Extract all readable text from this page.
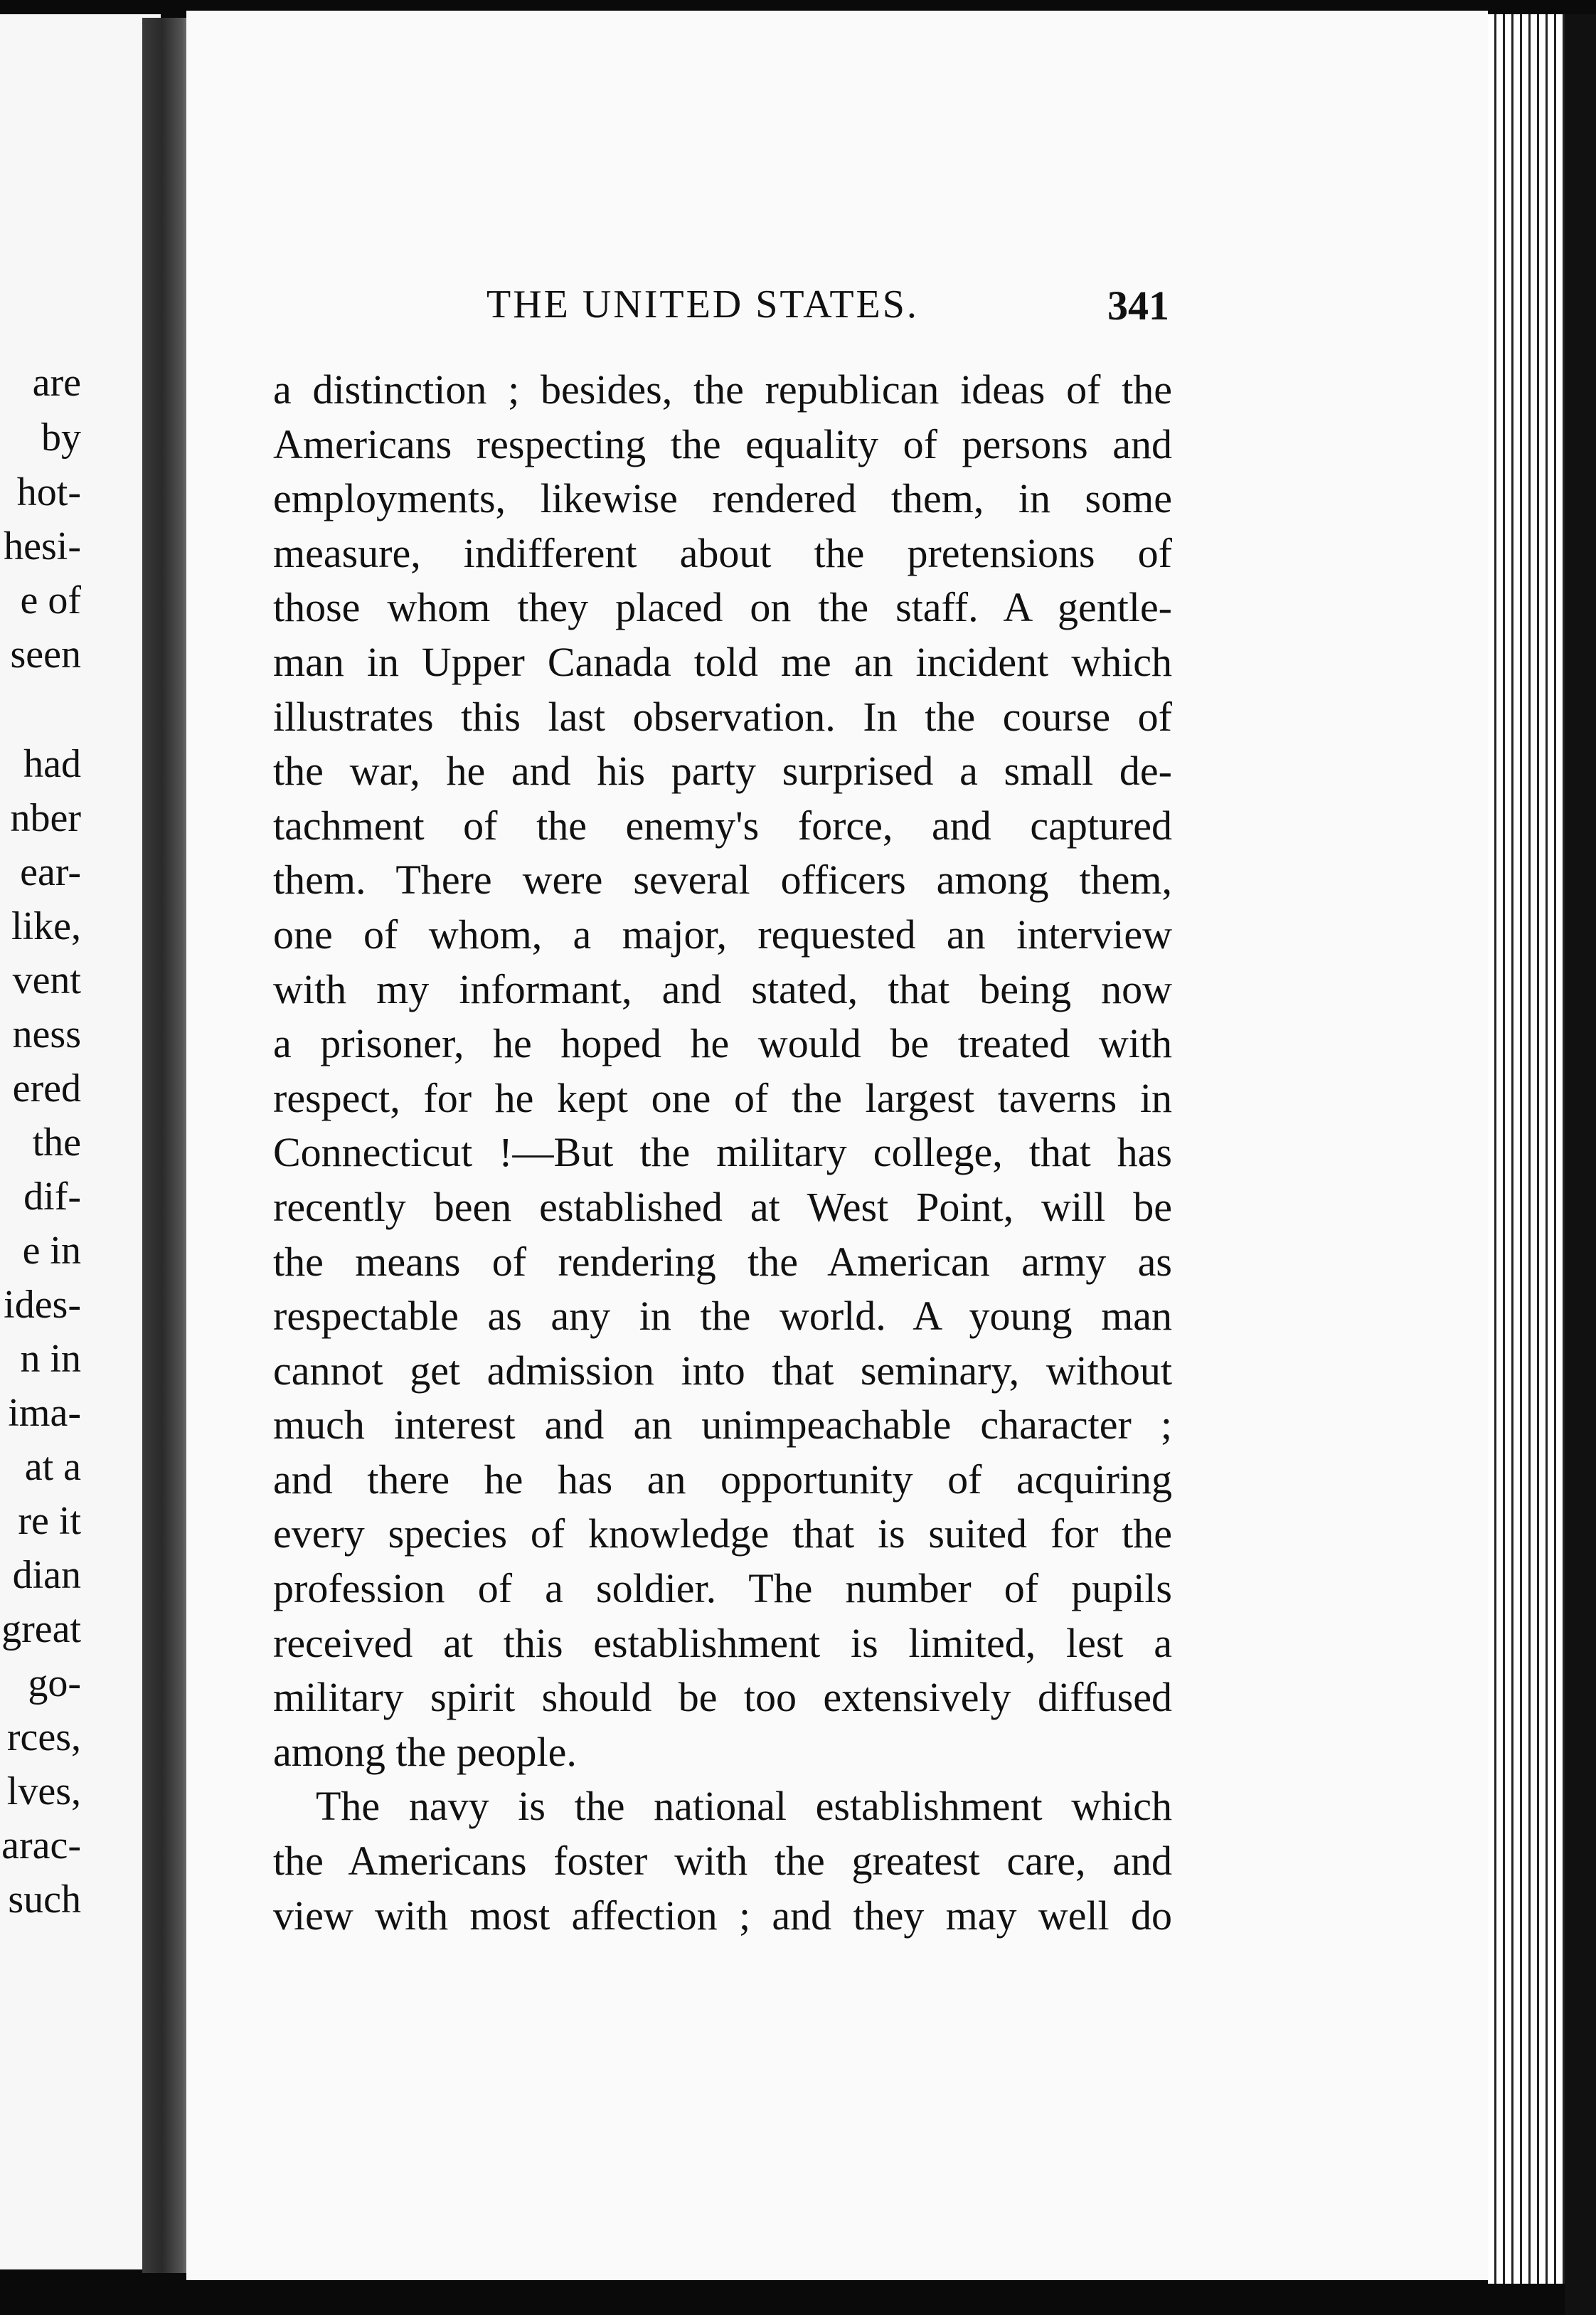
are
by
hot-
hesi-
e of
seen
had
nber
ear-
like,
vent
ness
ered
the
dif-
e in
ides-
n in
ima-
at a
re it
dian
great
go-
rces,
lves,
arac-
such
THE UNITED STATES.	341
a distinction ; besides, the republican ideas of the
Americans respecting the equality of persons and
employments, likewise rendered them, in some
measure, indifferent about the pretensions of
those whom they placed on the staff. A gentle-
man in Upper Canada told me an incident which
illustrates this last observation. In the course of
the war, he and his party surprised a small de-
tachment of the enemy's force, and captured
them. There were several officers among them,
one of whom, a major, requested an interview
with my informant, and stated, that being now
a prisoner, he hoped he would be treated with
respect, for he kept one of the largest taverns in
Connecticut !—But the military college, that has
recently been established at West Point, will be
the means of rendering the American army as
respectable as any in the world. A young man
cannot get admission into that seminary, without
much interest and an unimpeachable character ;
and there he has an opportunity of acquiring
every species of knowledge that is suited for the
profession of a soldier. The number of pupils
received at this establishment is limited, lest a
military spirit should be too extensively diffused
among the people.
The navy is the national establishment which
the Americans foster with the greatest care, and
view with most affection ; and they may well do
